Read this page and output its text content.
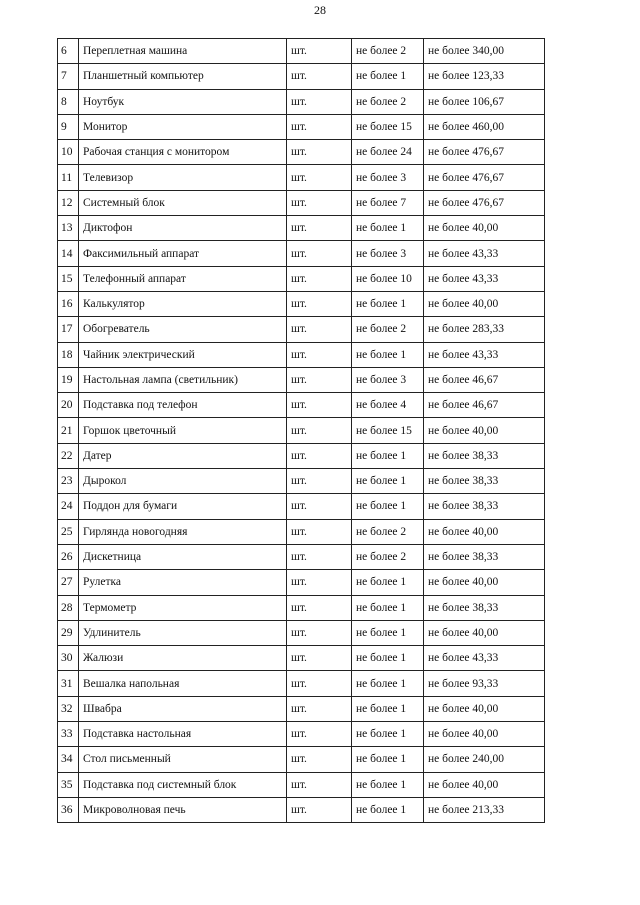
28
6	Переплетная машина	шт.	не более 2	не более 340,00
7	Планшетный компьютер	шт.	не более 1	не более 123,33
8	Ноутбук	шт.	не более 2	не более 106,67
9	Монитор	шт.	не более 15	не более 460,00
10	Рабочая станция с монитором	шт.	не более 24	не более 476,67
11	Телевизор	шт.	не более 3	не более 476,67
12	Системный блок	шт.	не более 7	не более 476,67
13	Диктофон	шт.	не более 1	не более 40,00
14	Факсимильный аппарат	шт.	не более 3	не более 43,33
15	Телефонный аппарат	шт.	не более 10	не более 43,33
16	Калькулятор	шт.	не более 1	не более 40,00
17	Обогреватель	шт.	не более 2	не более 283,33
18	Чайник электрический	шт.	не более 1	не более 43,33
19	Настольная лампа (светильник)	шт.	не более 3	не более 46,67
20	Подставка под телефон	шт.	не более 4	не более 46,67
21	Горшок цветочный	шт.	не более 15	не более 40,00
22	Датер	шт.	не более 1	не более 38,33
23	Дырокол	шт.	не более 1	не более 38,33
24	Поддон для бумаги	шт.	не более 1	не более 38,33
25	Гирлянда новогодняя	шт.	не более 2	не более 40,00
26	Дискетница	шт.	не более 2	не более 38,33
27	Рулетка	шт.	не более 1	не более 40,00
28	Термометр	шт.	не более 1	не более 38,33
29	Удлинитель	шт.	не более 1	не более 40,00
30	Жалюзи	шт.	не более 1	не более 43,33
31	Вешалка напольная	шт.	не более 1	не более 93,33
32	Швабра	шт.	не более 1	не более 40,00
33	Подставка настольная	шт.	не более 1	не более 40,00
34	Стол письменный	шт.	не более 1	не более 240,00
35	Подставка под системный блок	шт.	не более 1	не более 40,00
36	Микроволновая печь	шт.	не более 1	не более 213,33
